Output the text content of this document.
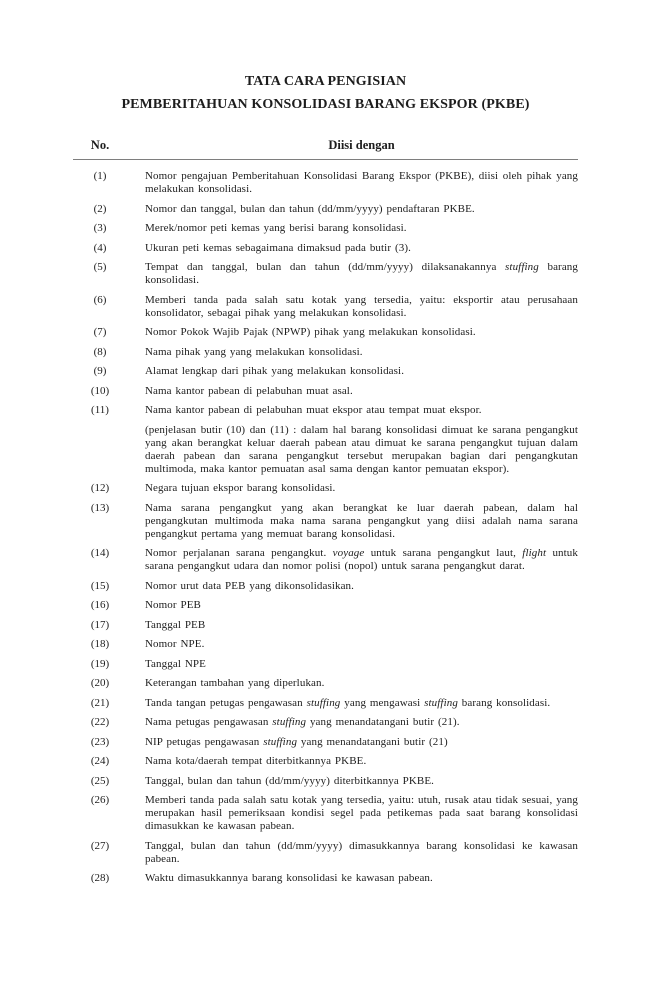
TATA CARA PENGISIAN
PEMBERITAHUAN KONSOLIDASI BARANG EKSPOR (PKBE)
No.	Diisi dengan
(1)	Nomor pengajuan Pemberitahuan Konsolidasi Barang Ekspor (PKBE), diisi oleh pihak yang melakukan konsolidasi.
(2)	Nomor dan tanggal, bulan dan tahun (dd/mm/yyyy) pendaftaran PKBE.
(3)	Merek/nomor peti kemas yang berisi barang konsolidasi.
(4)	Ukuran peti kemas sebagaimana dimaksud pada butir (3).
(5)	Tempat dan tanggal, bulan dan tahun (dd/mm/yyyy) dilaksanakannya stuffing barang konsolidasi.
(6)	Memberi tanda pada salah satu kotak yang tersedia, yaitu: eksportir atau perusahaan konsolidator, sebagai pihak yang melakukan konsolidasi.
(7)	Nomor Pokok Wajib Pajak (NPWP) pihak yang melakukan konsolidasi.
(8)	Nama pihak yang yang melakukan konsolidasi.
(9)	Alamat lengkap dari pihak yang melakukan konsolidasi.
(10)	Nama kantor pabean di pelabuhan muat asal.
(11)	Nama kantor pabean di pelabuhan muat ekspor atau tempat muat ekspor.
(penjelasan butir (10) dan (11) : dalam hal barang konsolidasi dimuat ke sarana pengangkut yang akan berangkat keluar daerah pabean atau dimuat ke sarana pengangkut tujuan dalam daerah pabean dan sarana pengangkut tersebut merupakan bagian dari pengangkutan multimoda, maka kantor pemuatan asal sama dengan kantor pemuatan ekspor).
(12)	Negara tujuan ekspor barang konsolidasi.
(13)	Nama sarana pengangkut yang akan berangkat ke luar daerah pabean, dalam hal pengangkutan multimoda maka nama sarana pengangkut yang diisi adalah nama sarana pengangkut pertama yang memuat barang konsolidasi.
(14)	Nomor perjalanan sarana pengangkut. voyage untuk sarana pengangkut laut, flight untuk sarana pengangkut udara dan nomor polisi (nopol) untuk sarana pengangkut darat.
(15)	Nomor urut data PEB yang dikonsolidasikan.
(16)	Nomor PEB
(17)	Tanggal PEB
(18)	Nomor NPE.
(19)	Tanggal NPE
(20)	Keterangan tambahan yang diperlukan.
(21)	Tanda tangan petugas pengawasan stuffing yang mengawasi stuffing barang konsolidasi.
(22)	Nama petugas pengawasan stuffing yang menandatangani butir (21).
(23)	NIP petugas pengawasan stuffing yang menandatangani butir (21)
(24)	Nama kota/daerah tempat diterbitkannya PKBE.
(25)	Tanggal, bulan dan tahun (dd/mm/yyyy) diterbitkannya PKBE.
(26)	Memberi tanda pada salah satu kotak yang tersedia, yaitu: utuh, rusak atau tidak sesuai, yang merupakan hasil pemeriksaan kondisi segel pada petikemas pada saat barang konsolidasi dimasukkan ke kawasan pabean.
(27)	Tanggal, bulan dan tahun (dd/mm/yyyy) dimasukkannya barang konsolidasi ke kawasan pabean.
(28)	Waktu dimasukkannya barang konsolidasi ke kawasan pabean.
